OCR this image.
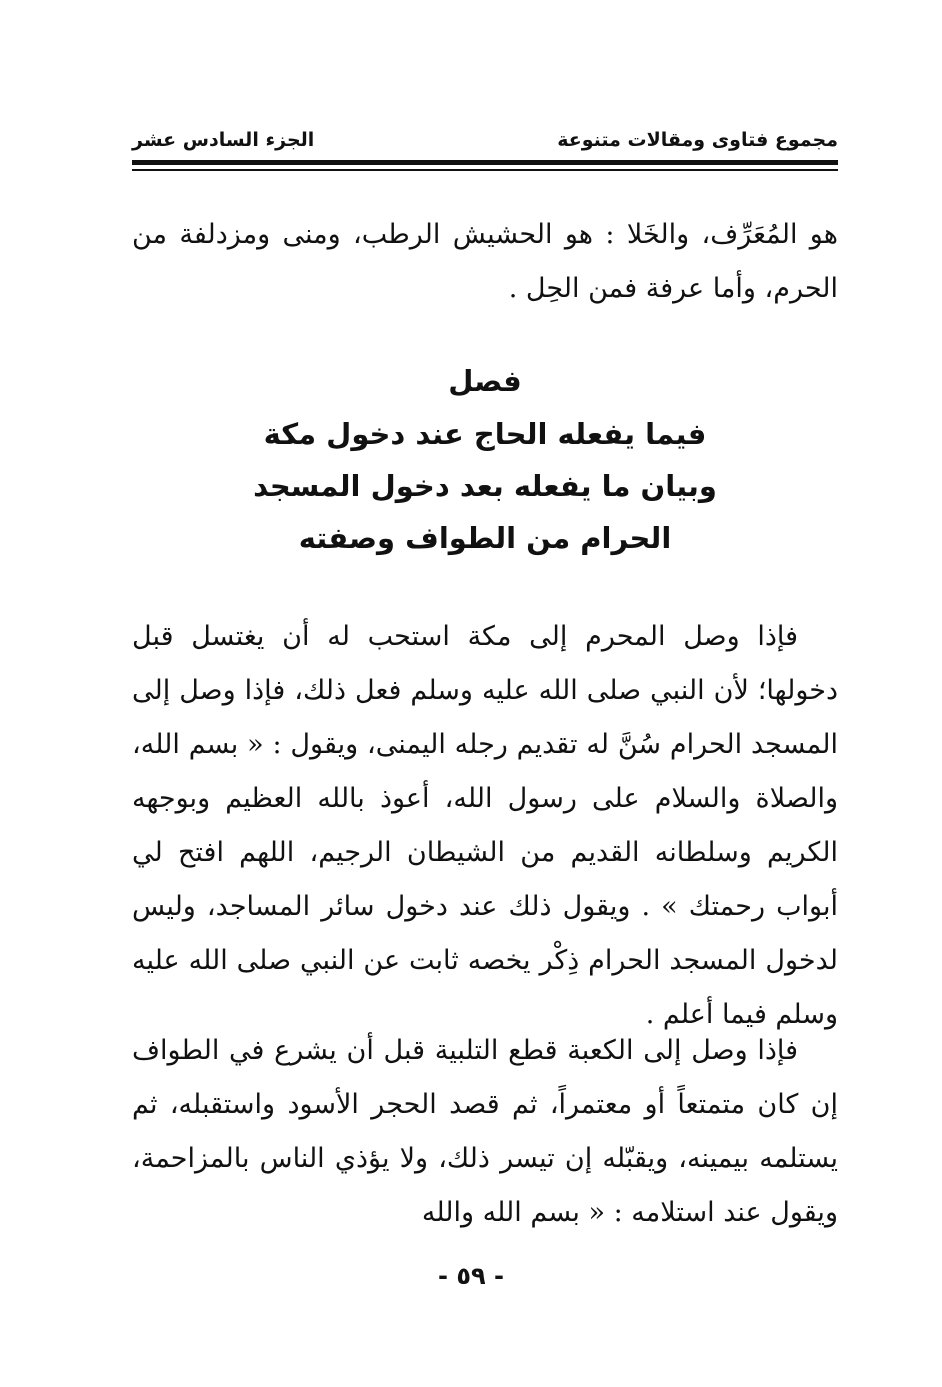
مجموع فتاوى ومقالات متنوعة
الجزء السادس عشر

هو المُعَرِّف، والخَلا : هو الحشيش الرطب، ومنى ومزدلفة من الحرم، وأما عرفة فمن الحِل .

فصل
فيما يفعله الحاج عند دخول مكة
وبيان ما يفعله بعد دخول المسجد
الحرام من الطواف وصفته

فإذا وصل المحرم إلى مكة استحب له أن يغتسل قبل دخولها؛ لأن النبي صلى الله عليه وسلم فعل ذلك، فإذا وصل إلى المسجد الحرام سُنَّ له تقديم رجله اليمنى، ويقول : « بسم الله، والصلاة والسلام على رسول الله، أعوذ بالله العظيم وبوجهه الكريم وسلطانه القديم من الشيطان الرجيم، اللهم افتح لي أبواب رحمتك » . ويقول ذلك عند دخول سائر المساجد، وليس لدخول المسجد الحرام ذِكْر يخصه ثابت عن النبي صلى الله عليه وسلم فيما أعلم .

فإذا وصل إلى الكعبة قطع التلبية قبل أن يشرع في الطواف إن كان متمتعاً أو معتمراً، ثم قصد الحجر الأسود واستقبله، ثم يستلمه بيمينه، ويقبّله إن تيسر ذلك، ولا يؤذي الناس بالمزاحمة، ويقول عند استلامه : « بسم الله والله

- ٥٩ -
